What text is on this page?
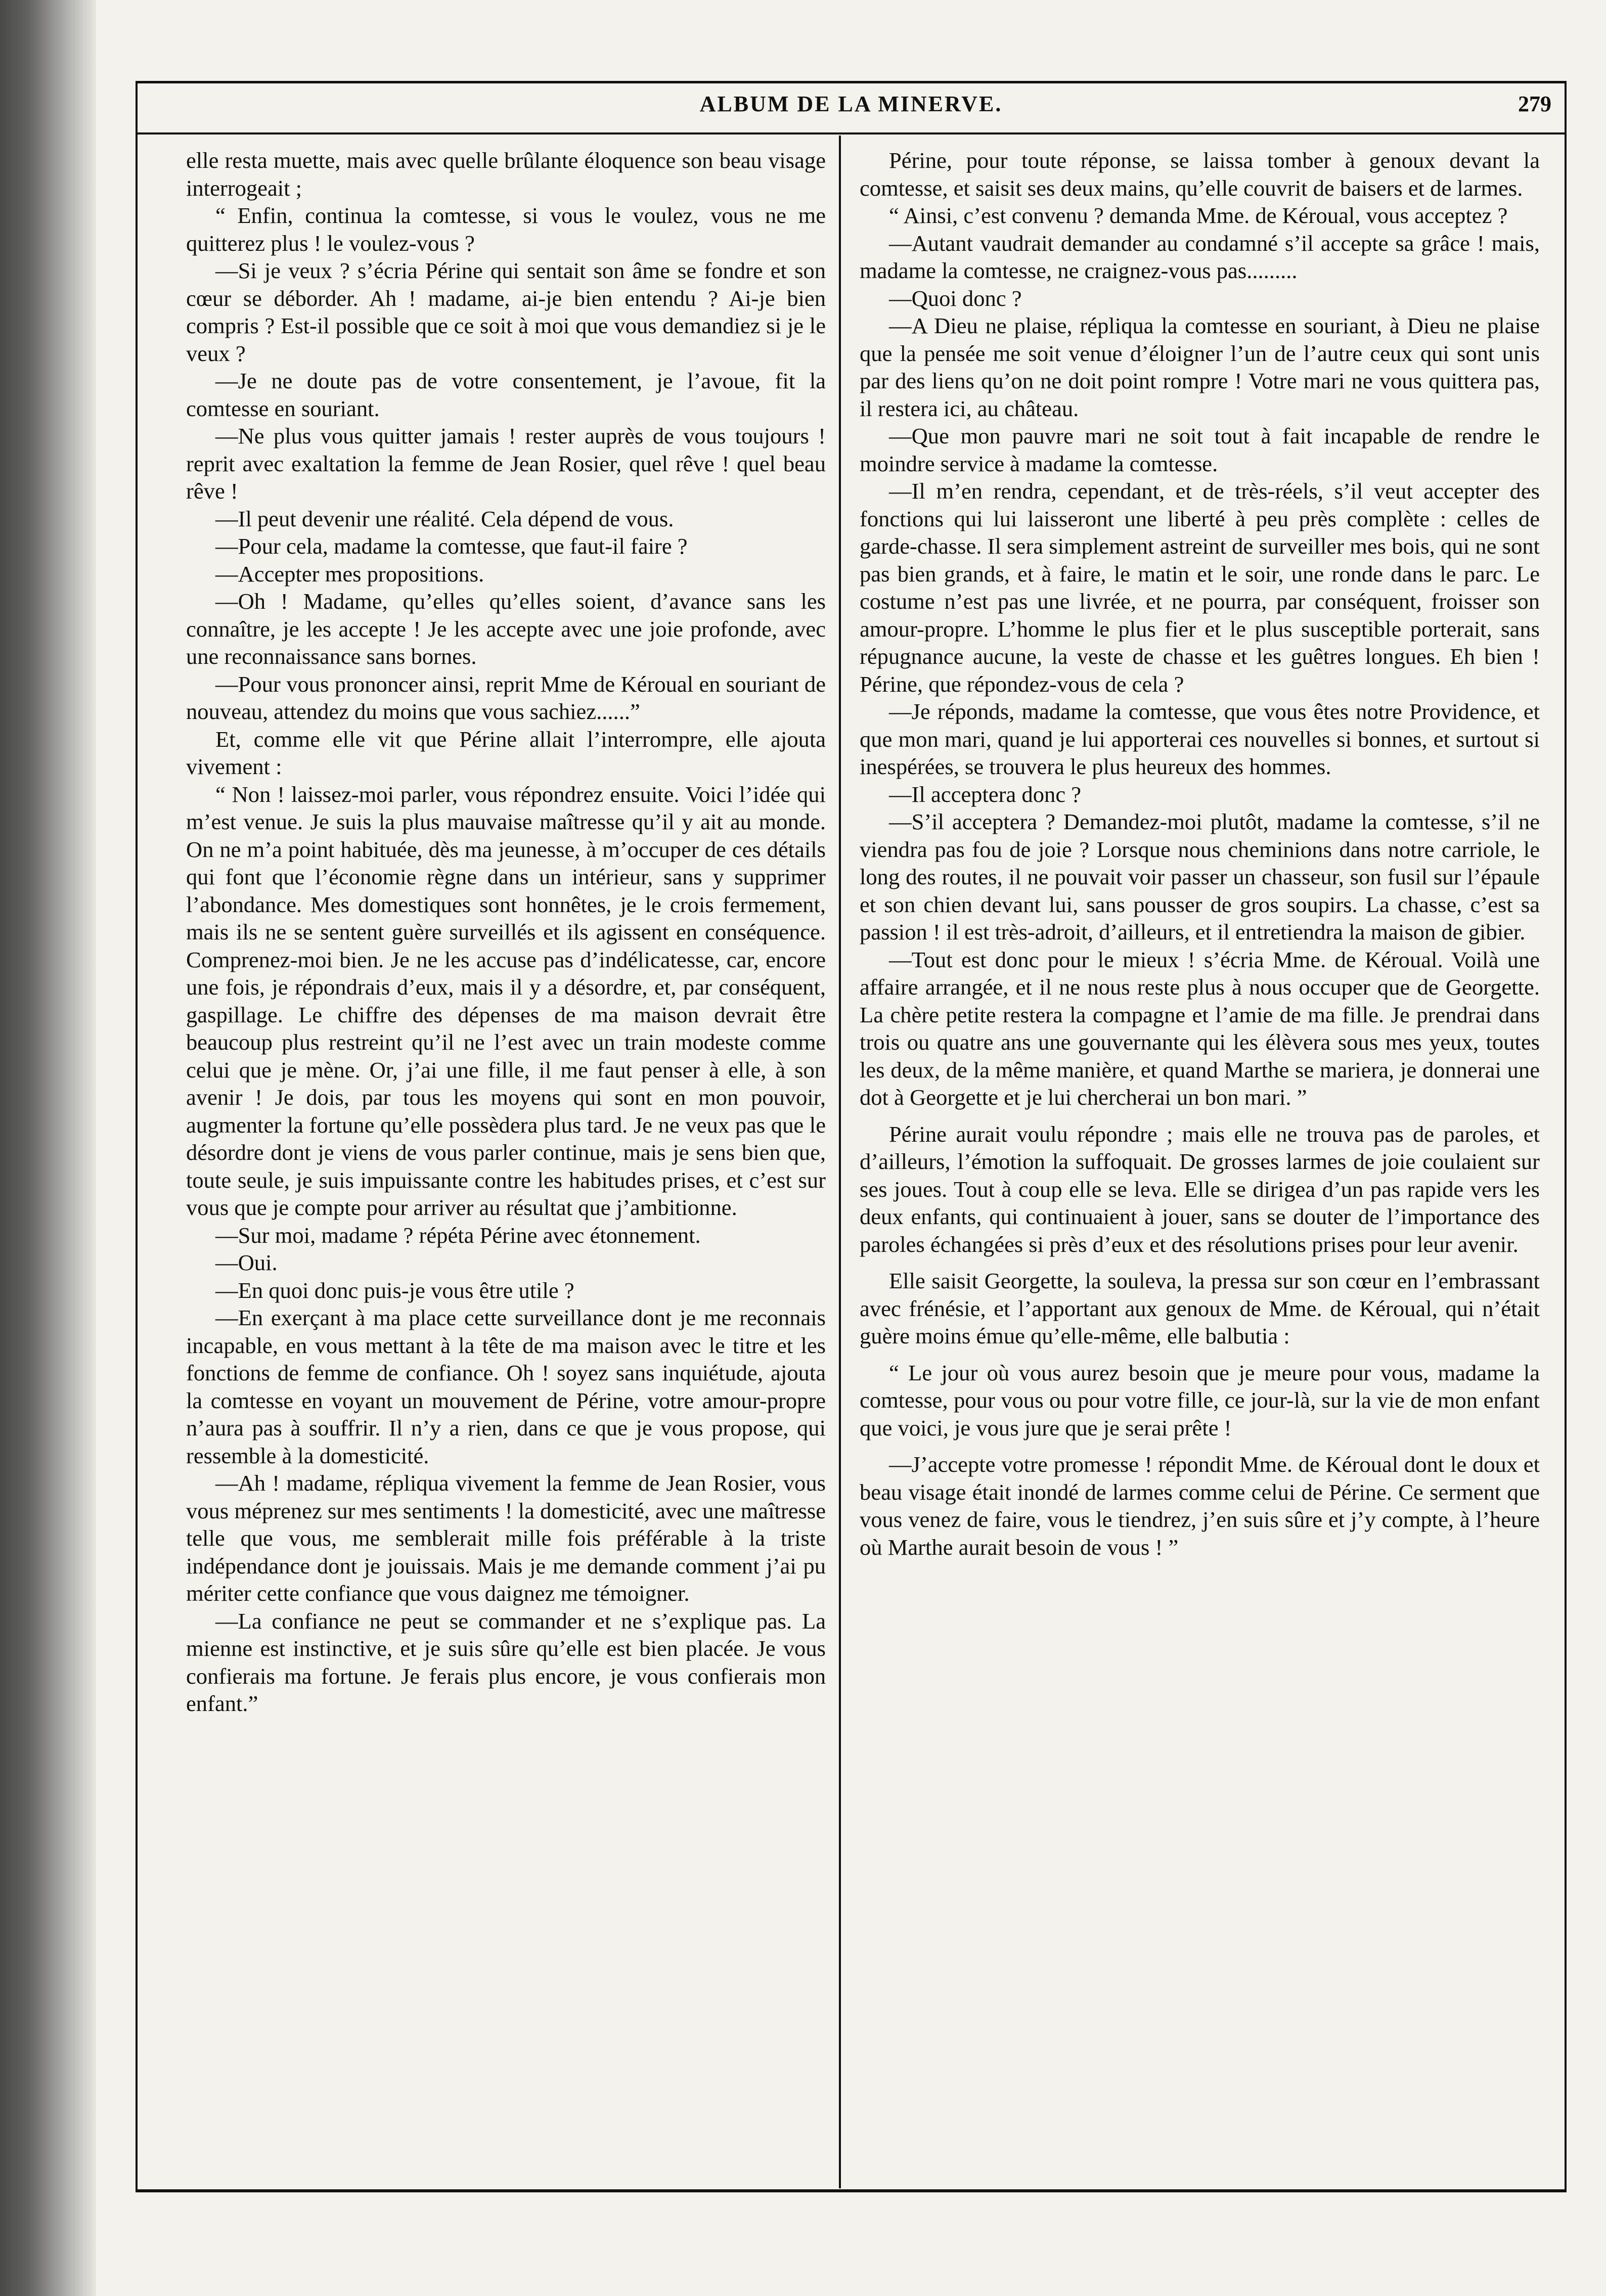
ALBUM DE LA MINERVE.	279

elle resta muette, mais avec quelle brûlante éloquence son beau visage interrogeait ;

“ Enfin, continua la comtesse, si vous le voulez, vous ne me quitterez plus ! le voulez-vous ?

—Si je veux ? s’écria Périne qui sentait son âme se fondre et son cœur se déborder. Ah ! madame, ai-je bien entendu ? Ai-je bien compris ? Est-il possible que ce soit à moi que vous demandiez si je le veux ?

—Je ne doute pas de votre consentement, je l’avoue, fit la comtesse en souriant.

—Ne plus vous quitter jamais ! rester auprès de vous toujours ! reprit avec exaltation la femme de Jean Rosier, quel rêve ! quel beau rêve !

—Il peut devenir une réalité. Cela dépend de vous.

—Pour cela, madame la comtesse, que faut-il faire ?

—Accepter mes propositions.

—Oh ! Madame, qu’elles qu’elles soient, d’avance sans les connaître, je les accepte ! Je les accepte avec une joie profonde, avec une reconnaissance sans bornes.

—Pour vous prononcer ainsi, reprit Mme de Kéroual en souriant de nouveau, attendez du moins que vous sachiez......”

Et, comme elle vit que Périne allait l’interrompre, elle ajouta vivement :

“ Non ! laissez-moi parler, vous répondrez ensuite. Voici l’idée qui m’est venue. Je suis la plus mauvaise maîtresse qu’il y ait au monde. On ne m’a point habituée, dès ma jeunesse, à m’occuper de ces détails qui font que l’économie règne dans un intérieur, sans y supprimer l’abondance. Mes domestiques sont honnêtes, je le crois fermement, mais ils ne se sentent guère surveillés et ils agissent en conséquence. Comprenez-moi bien. Je ne les accuse pas d’indélicatesse, car, encore une fois, je répondrais d’eux, mais il y a désordre, et, par conséquent, gaspillage. Le chiffre des dépenses de ma maison devrait être beaucoup plus restreint qu’il ne l’est avec un train modeste comme celui que je mène. Or, j’ai une fille, il me faut penser à elle, à son avenir ! Je dois, par tous les moyens qui sont en mon pouvoir, augmenter la fortune qu’elle possèdera plus tard. Je ne veux pas que le désordre dont je viens de vous parler continue, mais je sens bien que, toute seule, je suis impuissante contre les habitudes prises, et c’est sur vous que je compte pour arriver au résultat que j’ambitionne.

—Sur moi, madame ? répéta Périne avec étonnement.

—Oui.

—En quoi donc puis-je vous être utile ?

—En exerçant à ma place cette surveillance dont je me reconnais incapable, en vous mettant à la tête de ma maison avec le titre et les fonctions de femme de confiance. Oh ! soyez sans inquiétude, ajouta la comtesse en voyant un mouvement de Périne, votre amour-propre n’aura pas à souffrir. Il n’y a rien, dans ce que je vous propose, qui ressemble à la domesticité.

—Ah ! madame, répliqua vivement la femme de Jean Rosier, vous vous méprenez sur mes sentiments ! la domesticité, avec une maîtresse telle que vous, me semblerait mille fois préférable à la triste indépendance dont je jouissais. Mais je me demande comment j’ai pu mériter cette confiance que vous daignez me témoigner.

—La confiance ne peut se commander et ne s’explique pas. La mienne est instinctive, et je suis sûre qu’elle est bien placée. Je vous confierais ma fortune. Je ferais plus encore, je vous confierais mon enfant.”

Périne, pour toute réponse, se laissa tomber à genoux devant la comtesse, et saisit ses deux mains, qu’elle couvrit de baisers et de larmes.

“ Ainsi, c’est convenu ? demanda Mme. de Kéroual, vous acceptez ?

—Autant vaudrait demander au condamné s’il accepte sa grâce ! mais, madame la comtesse, ne craignez-vous pas.........

—Quoi donc ?

—A Dieu ne plaise, répliqua la comtesse en souriant, à Dieu ne plaise que la pensée me soit venue d’éloigner l’un de l’autre ceux qui sont unis par des liens qu’on ne doit point rompre ! Votre mari ne vous quittera pas, il restera ici, au château.

—Que mon pauvre mari ne soit tout à fait incapable de rendre le moindre service à madame la comtesse.

—Il m’en rendra, cependant, et de très-réels, s’il veut accepter des fonctions qui lui laisseront une liberté à peu près complète : celles de garde-chasse. Il sera simplement astreint de surveiller mes bois, qui ne sont pas bien grands, et à faire, le matin et le soir, une ronde dans le parc. Le costume n’est pas une livrée, et ne pourra, par conséquent, froisser son amour-propre. L’homme le plus fier et le plus susceptible porterait, sans répugnance aucune, la veste de chasse et les guêtres longues. Eh bien ! Périne, que répondez-vous de cela ?

—Je réponds, madame la comtesse, que vous êtes notre Providence, et que mon mari, quand je lui apporterai ces nouvelles si bonnes, et surtout si inespérées, se trouvera le plus heureux des hommes.

—Il acceptera donc ?

—S’il acceptera ? Demandez-moi plutôt, madame la comtesse, s’il ne viendra pas fou de joie ? Lorsque nous cheminions dans notre carriole, le long des routes, il ne pouvait voir passer un chasseur, son fusil sur l’épaule et son chien devant lui, sans pousser de gros soupirs. La chasse, c’est sa passion ! il est très-adroit, d’ailleurs, et il entretiendra la maison de gibier.

—Tout est donc pour le mieux ! s’écria Mme. de Kéroual. Voilà une affaire arrangée, et il ne nous reste plus à nous occuper que de Georgette. La chère petite restera la compagne et l’amie de ma fille. Je prendrai dans trois ou quatre ans une gouvernante qui les élèvera sous mes yeux, toutes les deux, de la même manière, et quand Marthe se mariera, je donnerai une dot à Georgette et je lui chercherai un bon mari. ”

Périne aurait voulu répondre ; mais elle ne trouva pas de paroles, et d’ailleurs, l’émotion la suffoquait. De grosses larmes de joie coulaient sur ses joues. Tout à coup elle se leva. Elle se dirigea d’un pas rapide vers les deux enfants, qui continuaient à jouer, sans se douter de l’importance des paroles échangées si près d’eux et des résolutions prises pour leur avenir.

Elle saisit Georgette, la souleva, la pressa sur son cœur en l’embrassant avec frénésie, et l’apportant aux genoux de Mme. de Kéroual, qui n’était guère moins émue qu’elle-même, elle balbutia :

“ Le jour où vous aurez besoin que je meure pour vous, madame la comtesse, pour vous ou pour votre fille, ce jour-là, sur la vie de mon enfant que voici, je vous jure que je serai prête !

—J’accepte votre promesse ! répondit Mme. de Kéroual dont le doux et beau visage était inondé de larmes comme celui de Périne. Ce serment que vous venez de faire, vous le tiendrez, j’en suis sûre et j’y compte, à l’heure où Marthe aurait besoin de vous ! ”
